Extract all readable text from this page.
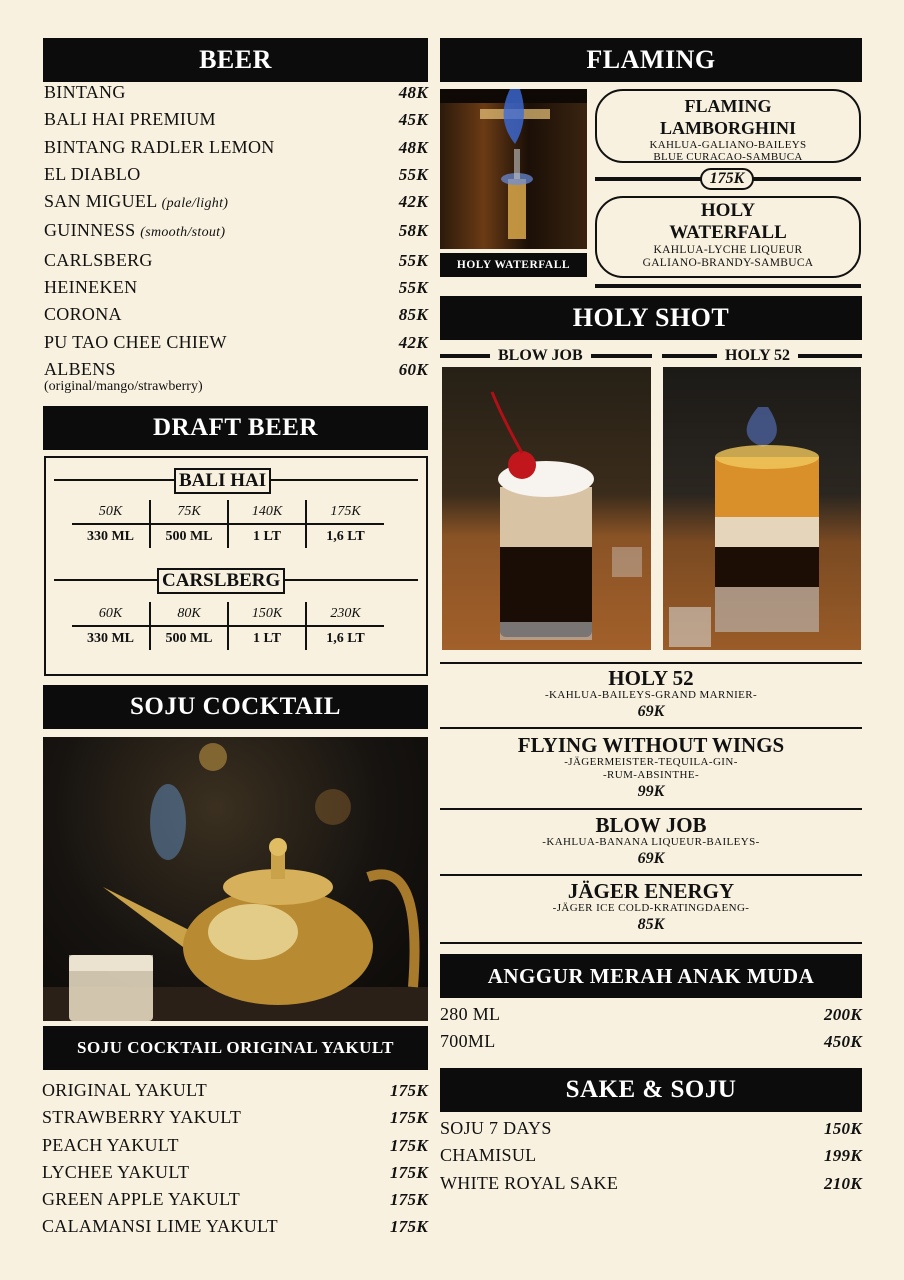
BEER
BINTANG	48K
BALI HAI PREMIUM	45K
BINTANG RADLER LEMON	48K
EL DIABLO	55K
SAN MIGUEL (pale/light)	42K
GUINNESS (smooth/stout)	58K
CARLSBERG	55K
HEINEKEN	55K
CORONA	85K
PU TAO CHEE CHIEW	42K
ALBENS	60K
(original/mango/strawberry)
DRAFT BEER
BALI HAI
50K	75K	140K	175K
330 ML	500 ML	1 LT	1,6 LT
CARSLBERG
60K	80K	150K	230K
330 ML	500 ML	1 LT	1,6 LT
SOJU COCKTAIL
SOJU COCKTAIL ORIGINAL YAKULT
ORIGINAL YAKULT	175K
STRAWBERRY YAKULT	175K
PEACH YAKULT	175K
LYCHEE YAKULT	175K
GREEN APPLE YAKULT	175K
CALAMANSI LIME YAKULT	175K
FLAMING
HOLY WATERFALL
FLAMING
LAMBORGHINI
KAHLUA-GALIANO-BAILEYS
BLUE CURACAO-SAMBUCA
175K
HOLY
WATERFALL
KAHLUA-LYCHE LIQUEUR
GALIANO-BRANDY-SAMBUCA
HOLY SHOT
BLOW JOB	HOLY 52
HOLY 52
-KAHLUA-BAILEYS-GRAND MARNIER-
69K
FLYING WITHOUT WINGS
-JÄGERMEISTER-TEQUILA-GIN-
-RUM-ABSINTHE-
99K
BLOW JOB
-KAHLUA-BANANA LIQUEUR-BAILEYS-
69K
JÄGER ENERGY
-JÄGER ICE COLD-KRATINGDAENG-
85K
ANGGUR MERAH ANAK MUDA
280 ML	200K
700ML	450K
SAKE & SOJU
SOJU 7 DAYS	150K
CHAMISUL	199K
WHITE ROYAL SAKE	210K
